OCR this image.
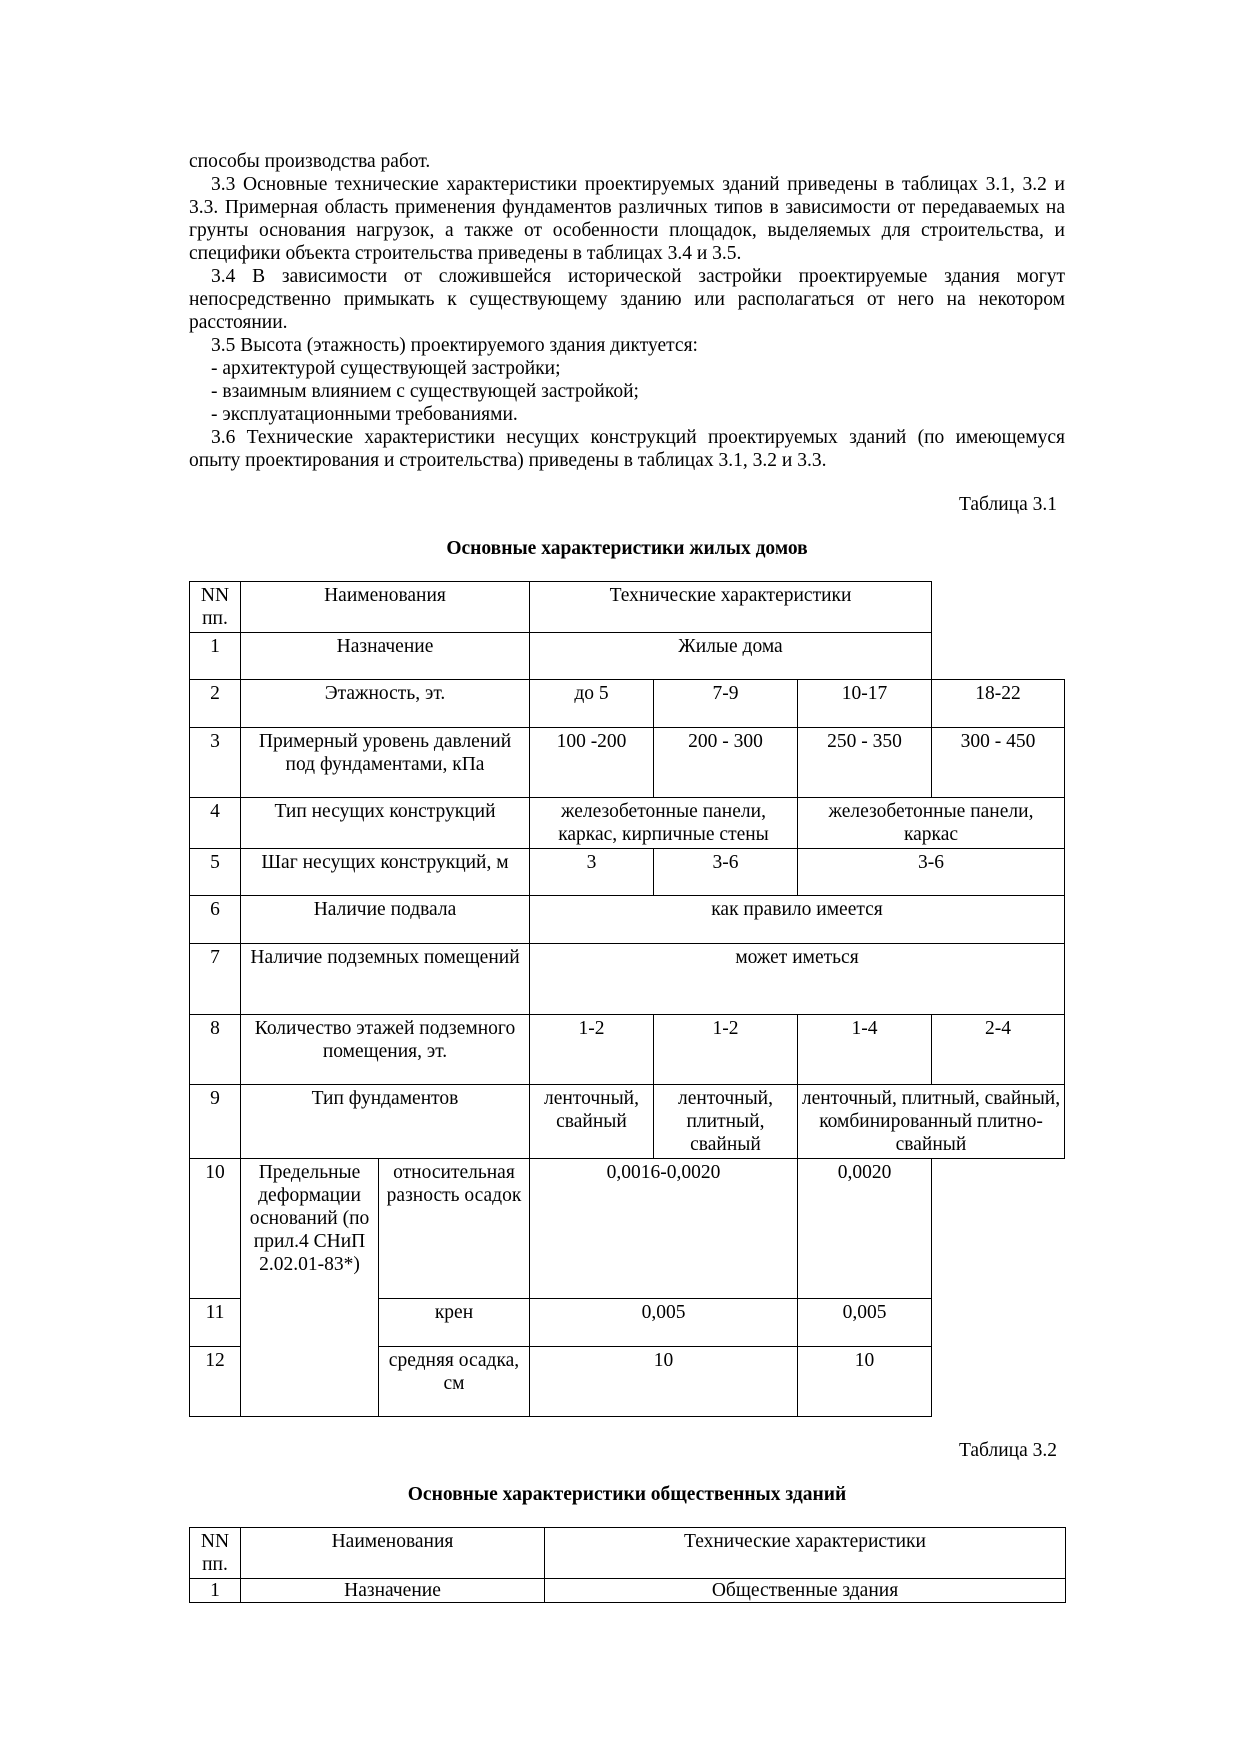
способы производства работ.

3.3 Основные технические характеристики проектируемых зданий приведены в таблицах 3.1, 3.2 и 3.3. Примерная область применения фундаментов различных типов в зависимости от передаваемых на грунты основания нагрузок, а также от особенности площадок, выделяемых для строительства, и специфики объекта строительства приведены в таблицах 3.4 и 3.5.

3.4 В зависимости от сложившейся исторической застройки проектируемые здания могут непосредственно примыкать к существующему зданию или располагаться от него на некотором расстоянии.

3.5 Высота (этажность) проектируемого здания диктуется:

- архитектурой существующей застройки;

- взаимным влиянием с существующей застройкой;

- эксплуатационными требованиями.

3.6 Технические характеристики несущих конструкций проектируемых зданий (по имеющемуся опыту проектирования и строительства) приведены в таблицах 3.1, 3.2 и 3.3.

Таблица 3.1
Основные характеристики жилых домов
NN пп.	Наименования		Технические характеристики			
1	Назначение		Жилые дома			
2	Этажность, эт.		до 5	7-9	10-17	18-22
3	Примерный уровень давлений под фундаментами, кПа		100 -200	200 - 300	250 - 350	300 - 450
4	Тип несущих конструкций		железобетонные панели, каркас, кирпичные стены		железобетонные панели, каркас	
5	Шаг несущих конструкций, м		3	3-6	3-6	
6	Наличие подвала		как правило имеется			
7	Наличие подземных помещений		может иметься			
8	Количество этажей подземного помещения, эт.		1-2	1-2	1-4	2-4
9	Тип фундаментов		ленточный, свайный	ленточный, плитный, свайный	ленточный, плитный, свайный, комбинированный плитно-свайный	
10	Предельные деформации оснований (по прил.4 СНиП 2.02.01-83*)	относительная разность осадок	0,0016-0,0020		0,0020	
11		крен	0,005		0,005	
12		средняя осадка, см	10		10	
Таблица 3.2
Основные характеристики общественных зданий
NN пп.	Наименования	Технические характеристики
1	Назначение	Общественные здания
